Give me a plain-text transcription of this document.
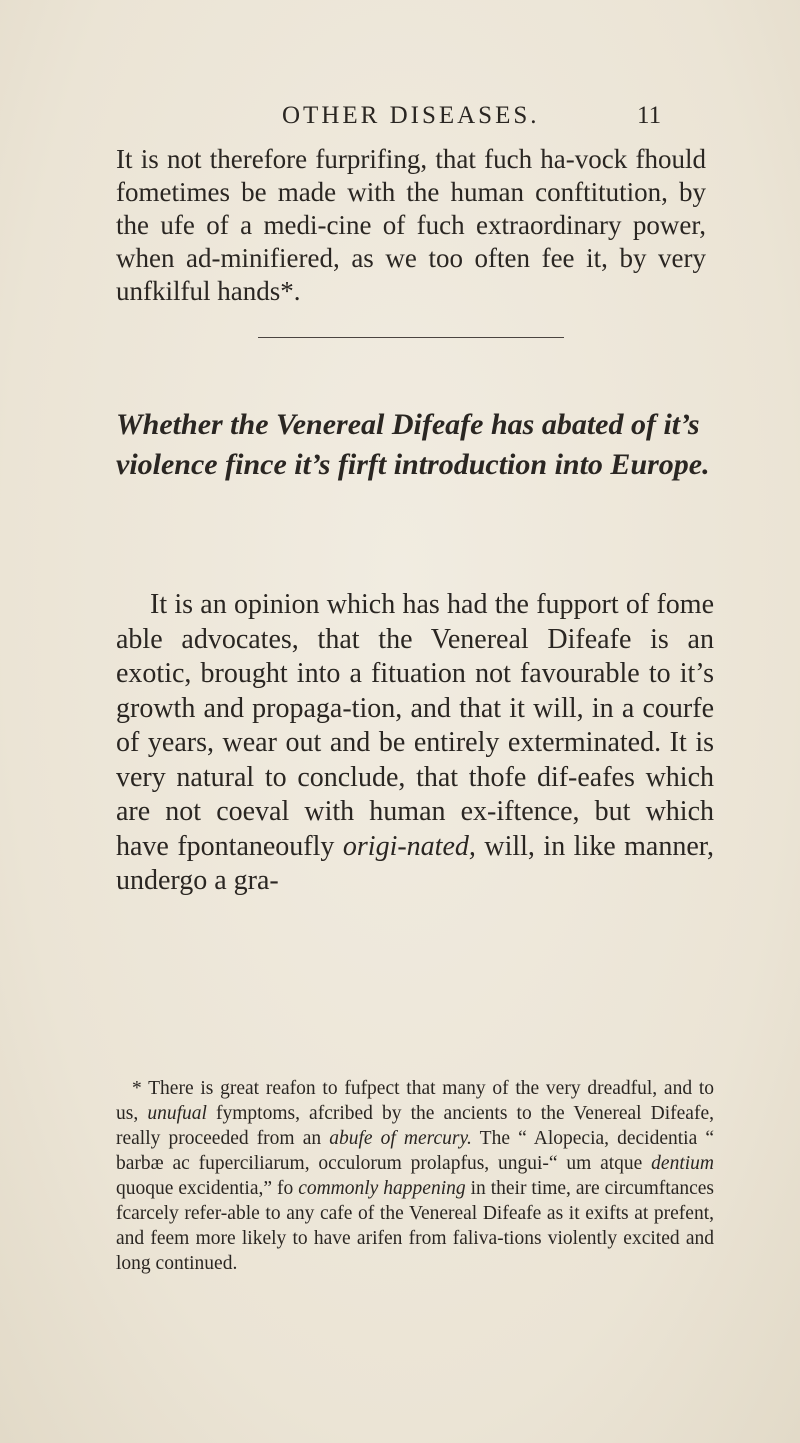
OTHER DISEASES.	11

It is not therefore furprifing, that fuch ha-vock fhould fometimes be made with the human conftitution, by the ufe of a medi-cine of fuch extraordinary power, when ad-minifiered, as we too often fee it, by very unfkilful hands*.

Whether the Venereal Difeafe has abated of it’s violence fince it’s firft introduction into Europe.

It is an opinion which has had the fupport of fome able advocates, that the Venereal Difeafe is an exotic, brought into a fituation not favourable to it’s growth and propaga-tion, and that it will, in a courfe of years, wear out and be entirely exterminated. It is very natural to conclude, that thofe dif-eafes which are not coeval with human ex-iftence, but which have fpontaneoufly origi-nated, will, in like manner, undergo a gra-

* There is great reafon to fufpect that many of the very dreadful, and to us, unufual fymptoms, afcribed by the ancients to the Venereal Difeafe, really proceeded from an abufe of mercury. The “ Alopecia, decidentia “ barbæ ac fuperciliarum, occulorum prolapfus, ungui-“ um atque dentium quoque excidentia,” fo commonly happening in their time, are circumftances fcarcely refer-able to any cafe of the Venereal Difeafe as it exifts at prefent, and feem more likely to have arifen from faliva-tions violently excited and long continued.
